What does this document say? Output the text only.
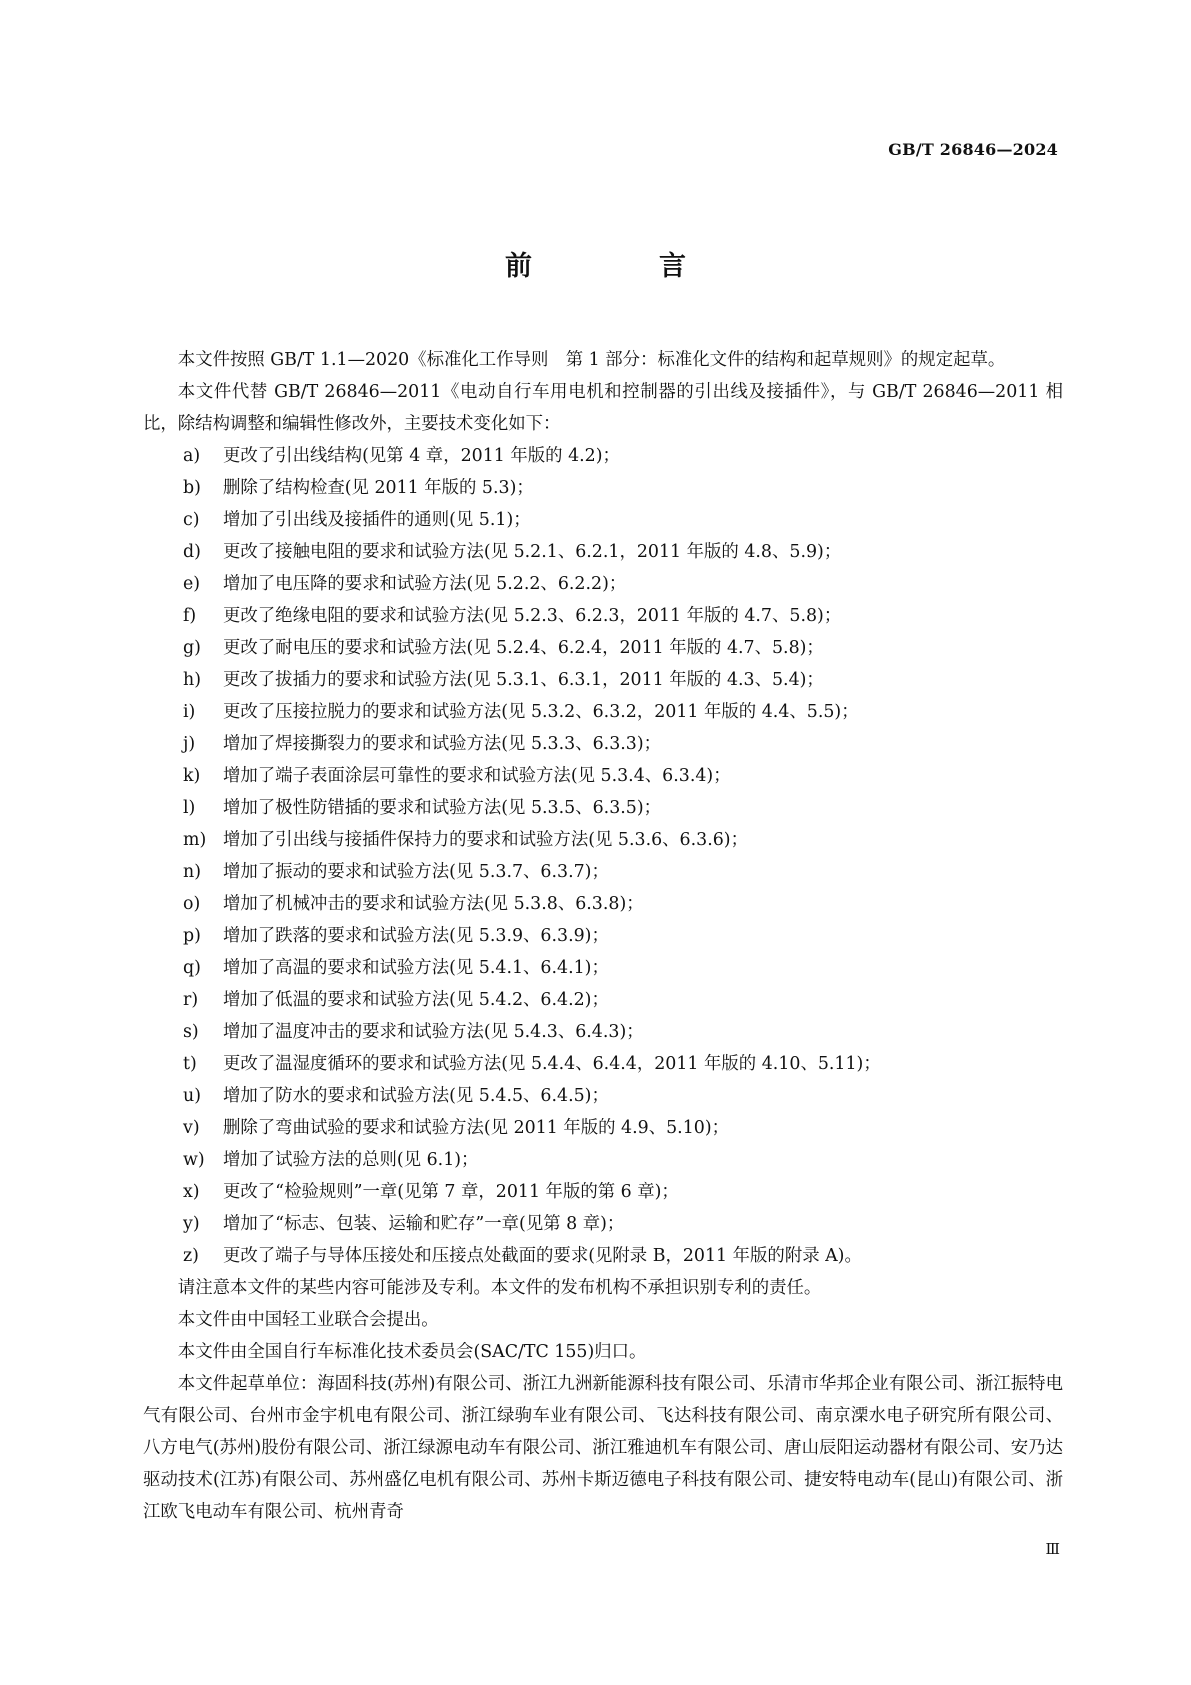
GB/T 26846—2024
前　言

本文件按照 GB/T 1.1—2020《标准化工作导则　第 1 部分：标准化文件的结构和起草规则》的规定起草。

本文件代替 GB/T 26846—2011《电动自行车用电机和控制器的引出线及接插件》，与 GB/T 26846—2011 相比，除结构调整和编辑性修改外，主要技术变化如下：

a) 更改了引出线结构(见第 4 章，2011 年版的 4.2)；
b) 删除了结构检查(见 2011 年版的 5.3)；
c) 增加了引出线及接插件的通则(见 5.1)；
d) 更改了接触电阻的要求和试验方法(见 5.2.1、6.2.1，2011 年版的 4.8、5.9)；
e) 增加了电压降的要求和试验方法(见 5.2.2、6.2.2)；
f) 更改了绝缘电阻的要求和试验方法(见 5.2.3、6.2.3，2011 年版的 4.7、5.8)；
g) 更改了耐电压的要求和试验方法(见 5.2.4、6.2.4，2011 年版的 4.7、5.8)；
h) 更改了拔插力的要求和试验方法(见 5.3.1、6.3.1，2011 年版的 4.3、5.4)；
i) 更改了压接拉脱力的要求和试验方法(见 5.3.2、6.3.2，2011 年版的 4.4、5.5)；
j) 增加了焊接撕裂力的要求和试验方法(见 5.3.3、6.3.3)；
k) 增加了端子表面涂层可靠性的要求和试验方法(见 5.3.4、6.3.4)；
l) 增加了极性防错插的要求和试验方法(见 5.3.5、6.3.5)；
m) 增加了引出线与接插件保持力的要求和试验方法(见 5.3.6、6.3.6)；
n) 增加了振动的要求和试验方法(见 5.3.7、6.3.7)；
o) 增加了机械冲击的要求和试验方法(见 5.3.8、6.3.8)；
p) 增加了跌落的要求和试验方法(见 5.3.9、6.3.9)；
q) 增加了高温的要求和试验方法(见 5.4.1、6.4.1)；
r) 增加了低温的要求和试验方法(见 5.4.2、6.4.2)；
s) 增加了温度冲击的要求和试验方法(见 5.4.3、6.4.3)；
t) 更改了温湿度循环的要求和试验方法(见 5.4.4、6.4.4，2011 年版的 4.10、5.11)；
u) 增加了防水的要求和试验方法(见 5.4.5、6.4.5)；
v) 删除了弯曲试验的要求和试验方法(见 2011 年版的 4.9、5.10)；
w) 增加了试验方法的总则(见 6.1)；
x) 更改了“检验规则”一章(见第 7 章，2011 年版的第 6 章)；
y) 增加了“标志、包装、运输和贮存”一章(见第 8 章)；
z) 更改了端子与导体压接处和压接点处截面的要求(见附录 B，2011 年版的附录 A)。

请注意本文件的某些内容可能涉及专利。本文件的发布机构不承担识别专利的责任。

本文件由中国轻工业联合会提出。

本文件由全国自行车标准化技术委员会(SAC/TC 155)归口。

本文件起草单位：海固科技(苏州)有限公司、浙江九洲新能源科技有限公司、乐清市华邦企业有限公司、浙江振特电气有限公司、台州市金宇机电有限公司、浙江绿驹车业有限公司、飞达科技有限公司、南京溧水电子研究所有限公司、八方电气(苏州)股份有限公司、浙江绿源电动车有限公司、浙江雅迪机车有限公司、唐山辰阳运动器材有限公司、安乃达驱动技术(江苏)有限公司、苏州盛亿电机有限公司、苏州卡斯迈德电子科技有限公司、捷安特电动车(昆山)有限公司、浙江欧飞电动车有限公司、杭州青奇

Ⅲ
